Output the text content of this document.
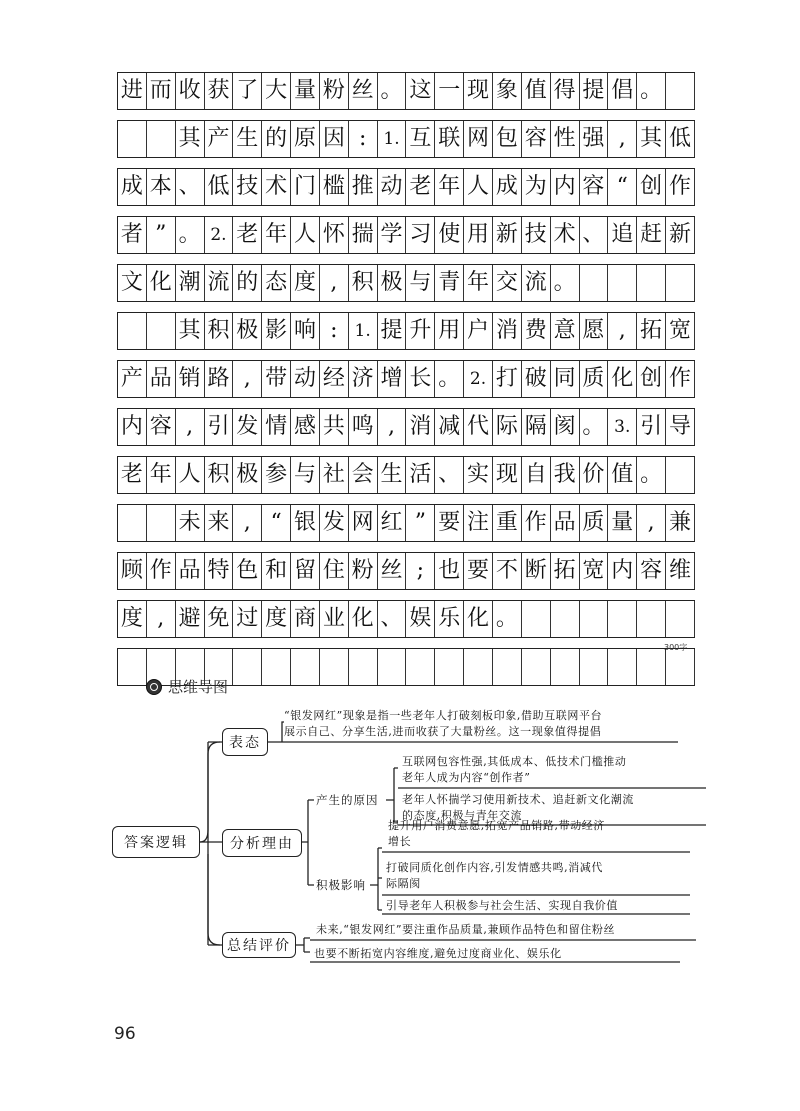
进 而 收 获 了 大 量 粉 丝 。 这 一 现 象 值 得 提 倡 。
其 产 生 的 原 因 :	1. 互 联 网 包 容 性 强 , 其 低
成 本 、 低 技 术 门 槛 推 动 老 年 人 成 为 内 容 “ 创 作
者 ” 。 2. 老 年 人 怀 揣 学 习 使 用 新 技 术 、 追 赶 新
文 化 潮 流 的 态 度 , 积 极 与 青 年 交 流 。
其 积 极 影 响 :	1. 提 升 用 户 消 费 意 愿 , 拓 宽
产 品 销 路 , 带 动 经 济 增 长 。 2. 打 破 同 质 化 创 作
内 容 , 引 发 情 感 共 鸣 , 消 减 代 际 隔 阂 。 3. 引 导
老 年 人 积 极 参 与 社 会 生 活 、 实 现 自 我 价 值 。
未 来 , “ 银 发 网 红 ” 要 注 重 作 品 质 量 , 兼
顾 作 品 特 色 和 留 住 粉 丝 ; 也 要 不 断 拓 宽 内 容 维
度 , 避 免 过 度 商 业 化 、 娱 乐 化 。
300字
思维导图
答案逻辑
表态
“银发网红”现象是指一些老年人打破刻板印象,借助互联网平台
展示自己、分享生活,进而收获了大量粉丝。这一现象值得提倡
分析理由
产生的原因
互联网包容性强,其低成本、低技术门槛推动
老年人成为内容“创作者”
老年人怀揣学习使用新技术、追赶新文化潮流
的态度,积极与青年交流
积极影响
提升用户消费意愿,拓宽产品销路,带动经济
增长
打破同质化创作内容,引发情感共鸣,消减代
际隔阂
引导老年人积极参与社会生活、实现自我价值
总结评价
未来,“银发网红”要注重作品质量,兼顾作品特色和留住粉丝
也要不断拓宽内容维度,避免过度商业化、娱乐化
96
